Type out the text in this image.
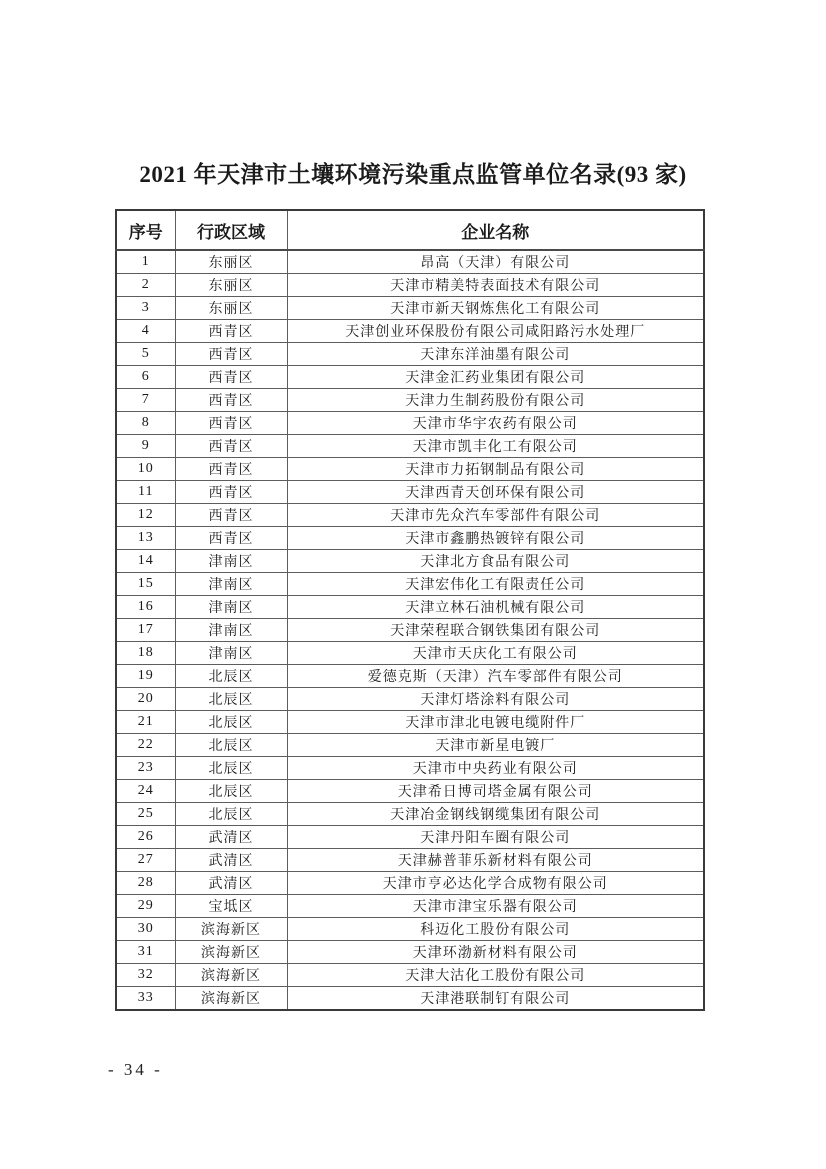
2021 年天津市土壤环境污染重点监管单位名录(93 家)
序号	行政区域	企业名称
1	东丽区	昂高（天津）有限公司
2	东丽区	天津市精美特表面技术有限公司
3	东丽区	天津市新天钢炼焦化工有限公司
4	西青区	天津创业环保股份有限公司咸阳路污水处理厂
5	西青区	天津东洋油墨有限公司
6	西青区	天津金汇药业集团有限公司
7	西青区	天津力生制药股份有限公司
8	西青区	天津市华宇农药有限公司
9	西青区	天津市凯丰化工有限公司
10	西青区	天津市力拓钢制品有限公司
11	西青区	天津西青天创环保有限公司
12	西青区	天津市先众汽车零部件有限公司
13	西青区	天津市鑫鹏热镀锌有限公司
14	津南区	天津北方食品有限公司
15	津南区	天津宏伟化工有限责任公司
16	津南区	天津立林石油机械有限公司
17	津南区	天津荣程联合钢铁集团有限公司
18	津南区	天津市天庆化工有限公司
19	北辰区	爱德克斯（天津）汽车零部件有限公司
20	北辰区	天津灯塔涂料有限公司
21	北辰区	天津市津北电镀电缆附件厂
22	北辰区	天津市新星电镀厂
23	北辰区	天津市中央药业有限公司
24	北辰区	天津希日博司塔金属有限公司
25	北辰区	天津冶金钢线钢缆集团有限公司
26	武清区	天津丹阳车圈有限公司
27	武清区	天津赫普菲乐新材料有限公司
28	武清区	天津市亨必达化学合成物有限公司
29	宝坻区	天津市津宝乐器有限公司
30	滨海新区	科迈化工股份有限公司
31	滨海新区	天津环渤新材料有限公司
32	滨海新区	天津大沽化工股份有限公司
33	滨海新区	天津港联制钉有限公司
- 34 -
